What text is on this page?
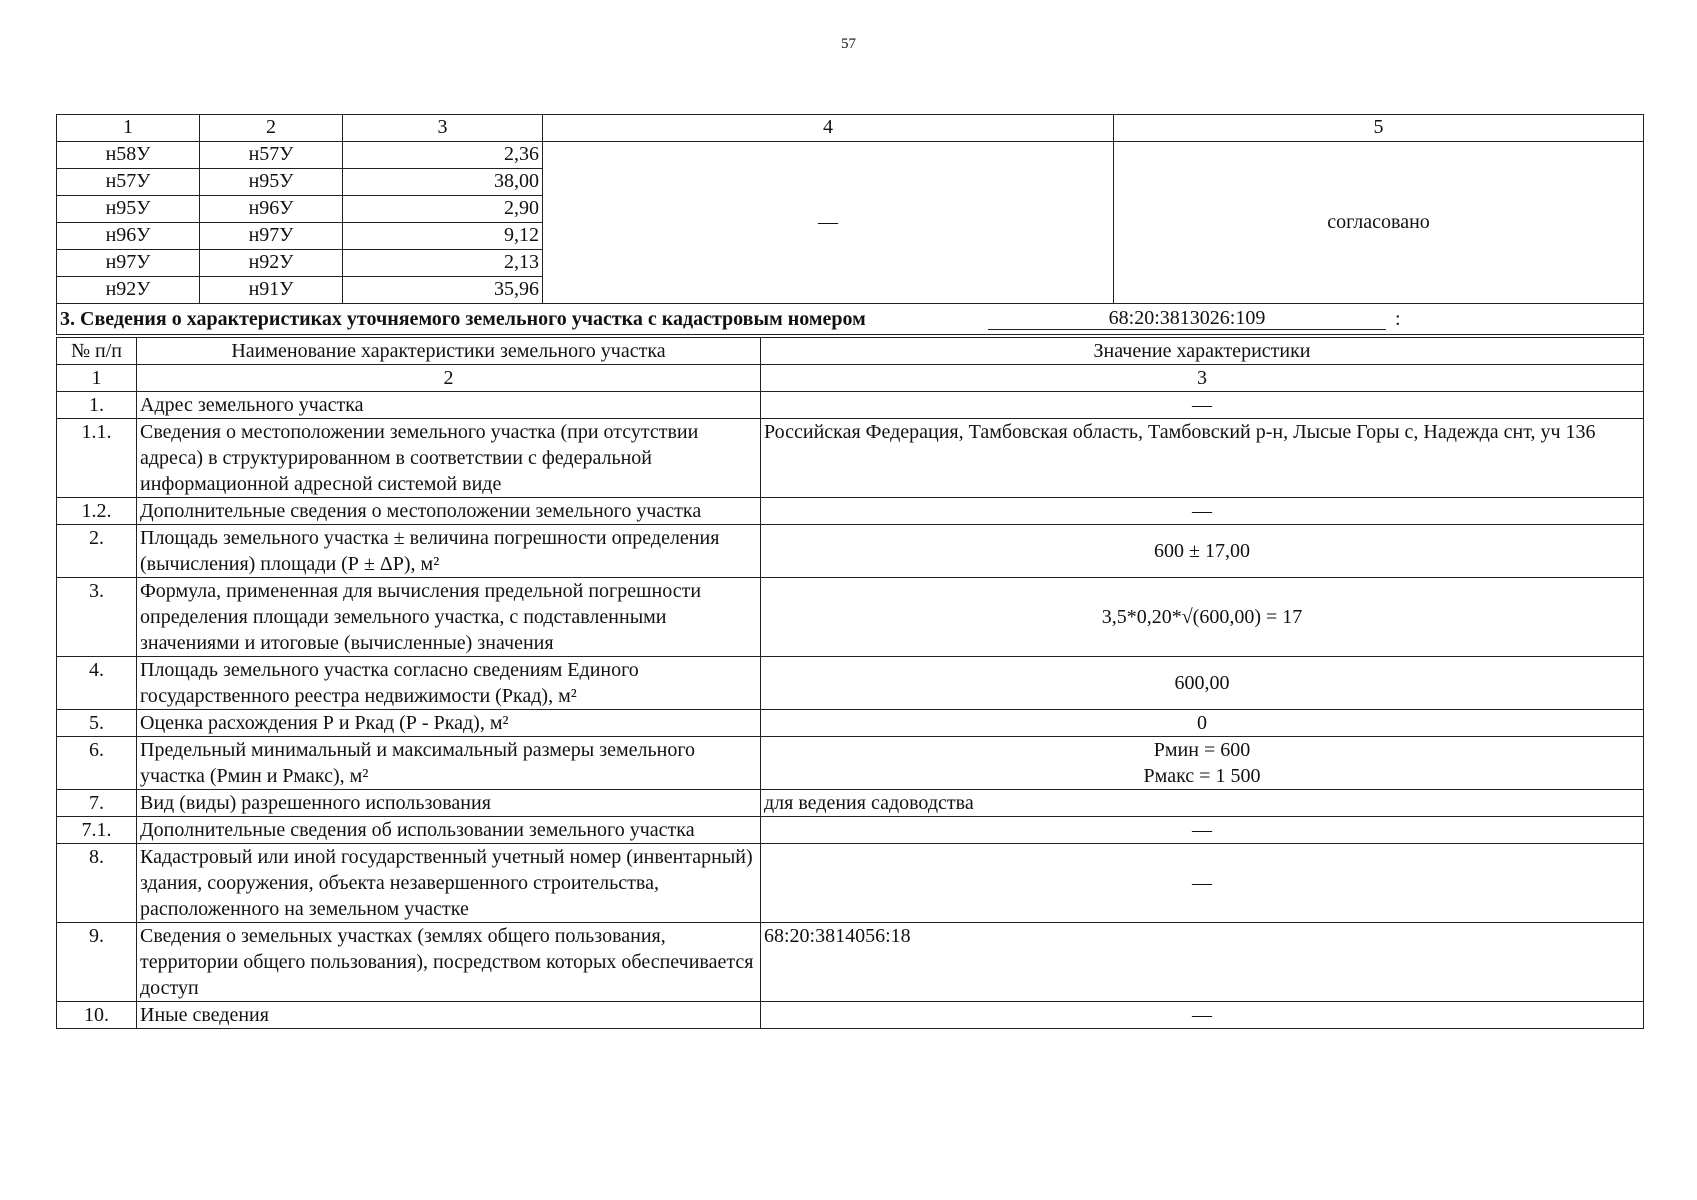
57
1	2	3	4	5
н58У	н57У	2,36	—	согласовано
н57У	н95У	38,00		
н95У	н96У	2,90		
н96У	н97У	9,12		
н97У	н92У	2,13		
н92У	н91У	35,96		

3. Сведения о характеристиках уточняемого земельного участка с кадастровым номером 68:20:3813026:109 :				
№ п/п	Наименование характеристики земельного участка	Значение характеристики
1	2	3
1.	Адрес земельного участка	—
1.1.	Сведения о местоположении земельного участка (при отсутствии адреса) в структурированном в соответствии с федеральной информационной адресной системой виде	Российская Федерация, Тамбовская область, Тамбовский р-н, Лысые Горы с, Надежда снт, уч 136
1.2.	Дополнительные сведения о местоположении земельного участка	—
2.	Площадь земельного участка ± величина погрешности определения (вычисления) площади (Р ± ΔР), м²	600 ± 17,00
3.	Формула, примененная для вычисления предельной погрешности определения площади земельного участка, с подставленными значениями и итоговые (вычисленные) значения	3,5*0,20*√(600,00) = 17
4.	Площадь земельного участка согласно сведениям Единого государственного реестра недвижимости (Ркад), м²	600,00
5.	Оценка расхождения Р и Ркад (Р - Ркад), м²	0
6.	Предельный минимальный и максимальный размеры земельного участка (Рмин и Рмакс), м²	Рмин = 600
Рмакс = 1 500

7.	Вид (виды) разрешенного использования	для ведения садоводства
7.1.	Дополнительные сведения об использовании земельного участка	—
8.	Кадастровый или иной государственный учетный номер (инвентарный) здания, сооружения, объекта незавершенного строительства, расположенного на земельном участке	—
9.	Сведения о земельных участках (землях общего пользования, территории общего пользования), посредством которых обеспечивается доступ	68:20:3814056:18
10.	Иные сведения	—
